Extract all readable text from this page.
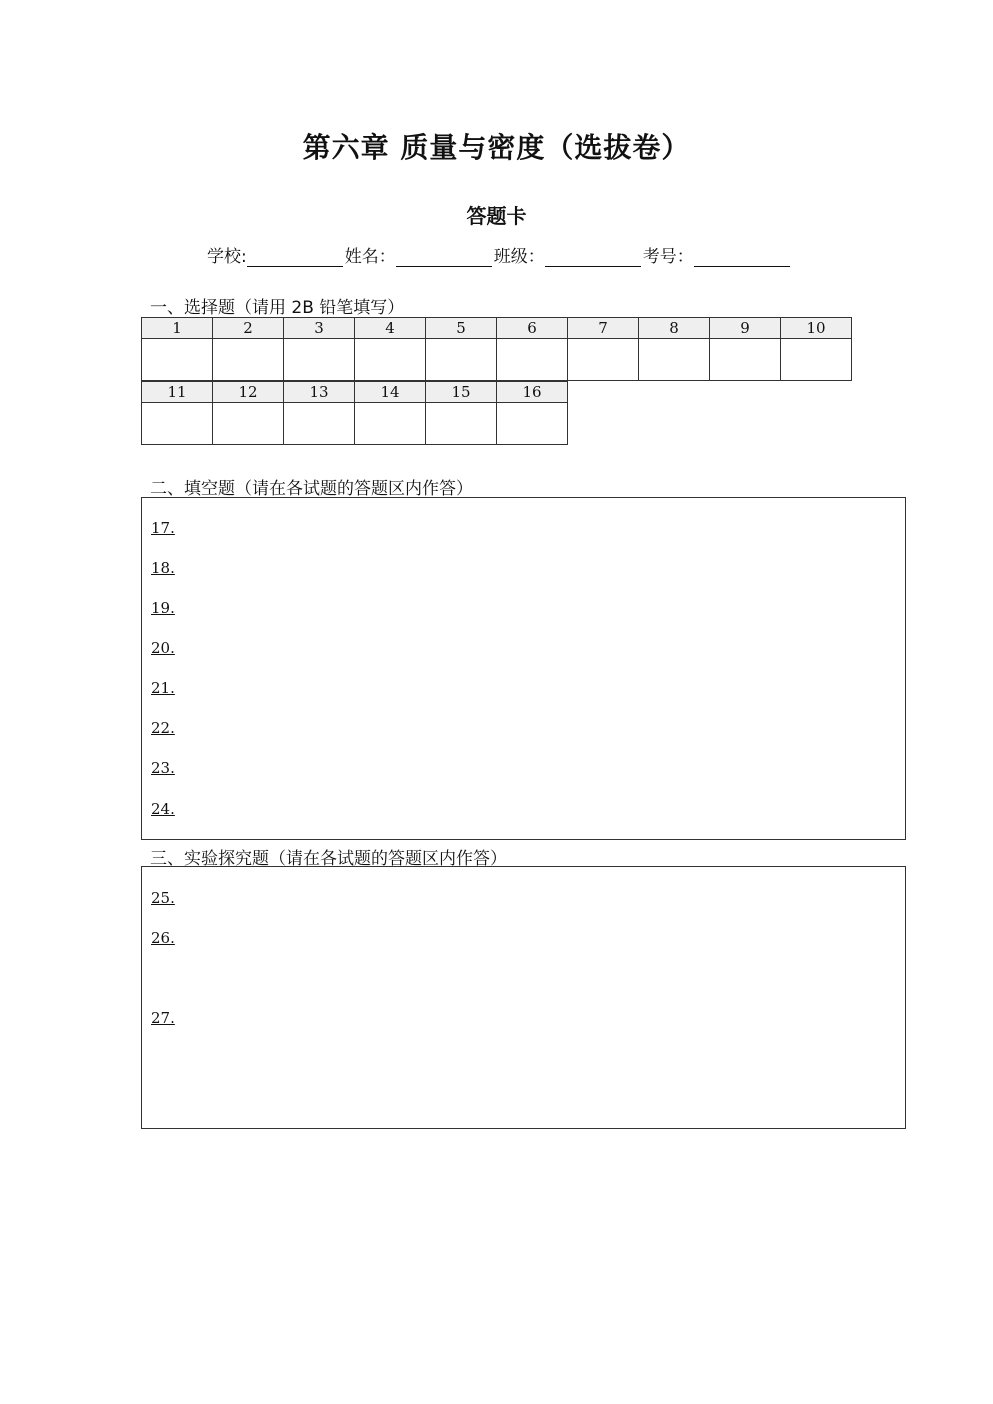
第六章 质量与密度（选拔卷）
答题卡
学校:	姓名：	班级：	考号：
一、选择题（请用 2B 铅笔填写）
1	2	3	4	5	6	7	8	9	10

11	12	13	14	15	16

二、填空题（请在各试题的答题区内作答）
17.
18.
19.
20.
21.
22.
23.
24.
三、实验探究题（请在各试题的答题区内作答）
25.
26.
27.
